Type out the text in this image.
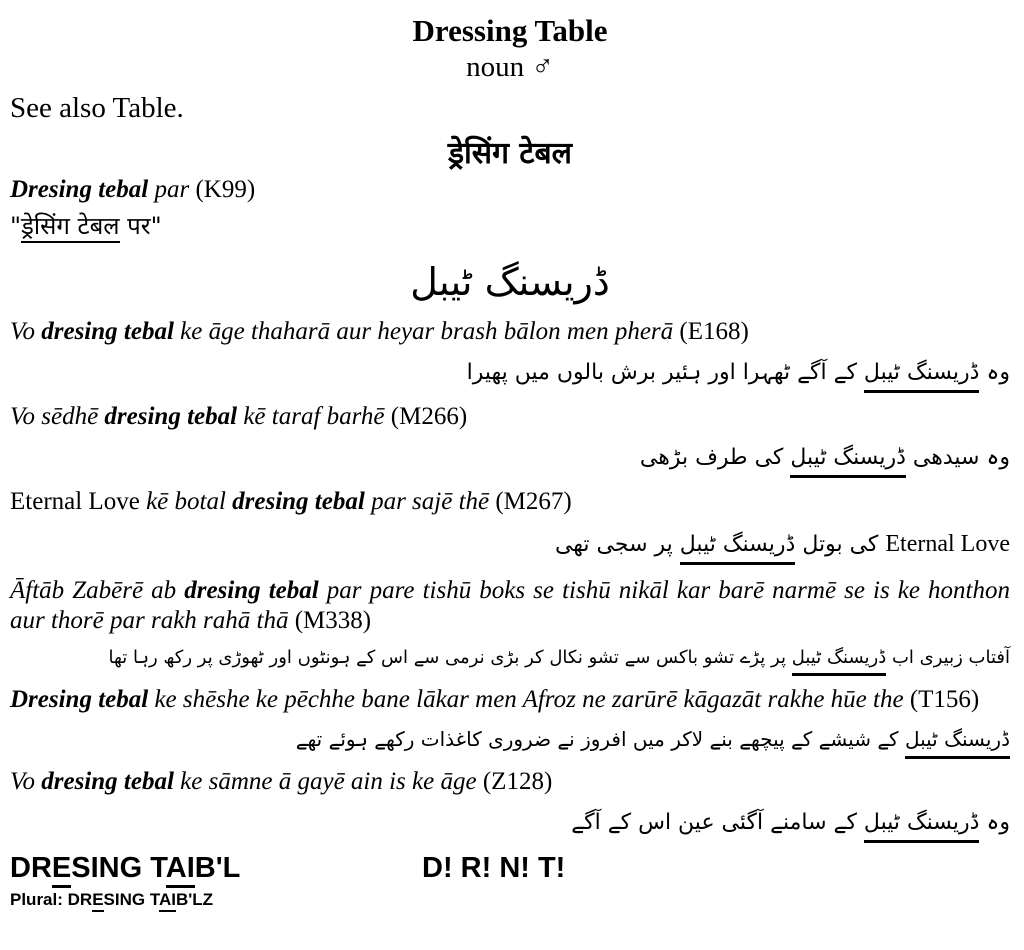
Dressing Table
noun ♂
See also Table.
ड्रेसिंग टेबल

Dresing tebal par (K99)

"ड्रेसिंग टेबल पर"

ڈریسنگ ٹیبل

Vo dresing tebal ke āge thaharā aur heyar brash bālon men pherā (E168)

وہ ڈریسنگ ٹیبل کے آگے ٹھہرا اور ہئیر برش بالوں میں پھیرا

Vo sēdhē dresing tebal kē taraf barhē (M266)

وہ سیدھی ڈریسنگ ٹیبل کی طرف بڑھی

Eternal Love kē botal dresing tebal par sajē thē (M267)

Eternal Love کی بوتل ڈریسنگ ٹیبل پر سجی تھی

Āftāb Zabērē ab dresing tebal par pare tishū boks se tishū nikāl kar barē narmē se is ke honthon aur thorē par rakh rahā thā (M338)

آفتاب زبیری اب ڈریسنگ ٹیبل پر پڑے تشو باکس سے تشو نکال کر بڑی نرمی سے اس کے ہونٹوں اور ٹھوڑی پر رکھ رہا تھا

Dresing tebal ke shēshe ke pēchhe bane lākar men Afroz ne zarūrē kāgazāt rakhe hūe the (T156)

ڈریسنگ ٹیبل کے شیشے کے پیچھے بنے لاکر میں افروز نے ضروری کاغذات رکھے ہوئے تھے

Vo dresing tebal ke sāmne ā gayē ain is ke āge (Z128)

وہ ڈریسنگ ٹیبل کے سامنے آگئی عین اس کے آگے

DRESING TAIB'L	D! R! N! T!
Plural: DRESING TAIB'LZ
